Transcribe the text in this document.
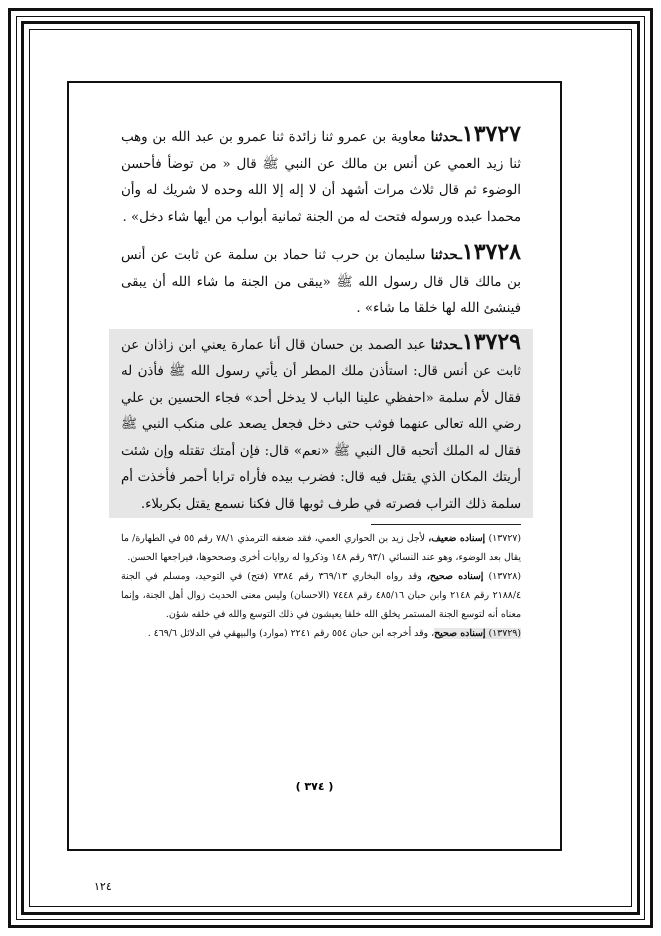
١٣٧٢٧ـحدثنا معاوية بن عمرو ثنا زائدة ثنا عمرو بن عبد الله بن وهب ثنا زيد العمي عن أنس بن مالك عن النبي ﷺ قال « من توضأ فأحسن الوضوء ثم قال ثلاث مرات أشهد أن لا إله إلا الله وحده لا شريك له وأن محمدا عبده ورسوله فتحت له من الجنة ثمانية أبواب من أيها شاء دخل» .

١٣٧٢٨ـحدثنا سليمان بن حرب ثنا حماد بن سلمة عن ثابت عن أنس بن مالك قال قال رسول الله ﷺ «يبقى من الجنة ما شاء الله أن يبقى فينشئ الله لها خلقا ما شاء» .

١٣٧٢٩ـحدثنا عبد الصمد بن حسان قال أنا عمارة يعني ابن زاذان عن ثابت عن أنس قال: استأذن ملك المطر أن يأتي رسول الله ﷺ فأذن له فقال لأم سلمة «احفظي علينا الباب لا يدخل أحد» فجاء الحسين بن علي رضي الله تعالى عنهما فوثب حتى دخل فجعل يصعد على منكب النبي ﷺ فقال له الملك أتحبه قال النبي ﷺ «نعم» قال: فإن أمتك تقتله وإن شئت أريتك المكان الذي يقتل فيه قال: فضرب بيده فأراه ترابا أحمر فأخذت أم سلمة ذلك التراب فصرته في طرف ثوبها قال فكنا نسمع يقتل بكربلاء.

(١٣٧٢٧) إسناده ضعيف، لأجل زيد بن الحواري العمي، فقد ضعفه الترمذي ٧٨/١ رقم ٥٥ في الطهارة/ ما يقال بعد الوضوء، وهو عند النسائي ٩٣/١ رقم ١٤٨ وذكروا له روايات أخرى وصححوها، فيراجعها الحسن.

(١٣٧٢٨) إسناده صحيح، وقد رواه البخاري ٣٦٩/١٣ رقم ٧٣٨٤ (فتح) في التوحيد، ومسلم في الجنة ٢١٨٨/٤ رقم ٢١٤٨ وابن حبان ٤٨٥/١٦ رقم ٧٤٤٨ (الاحسان) وليس معنى الحديث زوال أهل الجنة، وإنما معناه أنه لتوسع الجنة المستمر يخلق الله خلقا يعيشون في ذلك التوسع والله في خلقه شؤن.

(١٣٧٢٩) إسناده صحيح، وقد أخرجه ابن حبان ٥٥٤ رقم ٢٢٤١ (موارد) والبيهقي في الدلائل ٤٦٩/٦ .

( ٣٧٤ )
١٢٤
